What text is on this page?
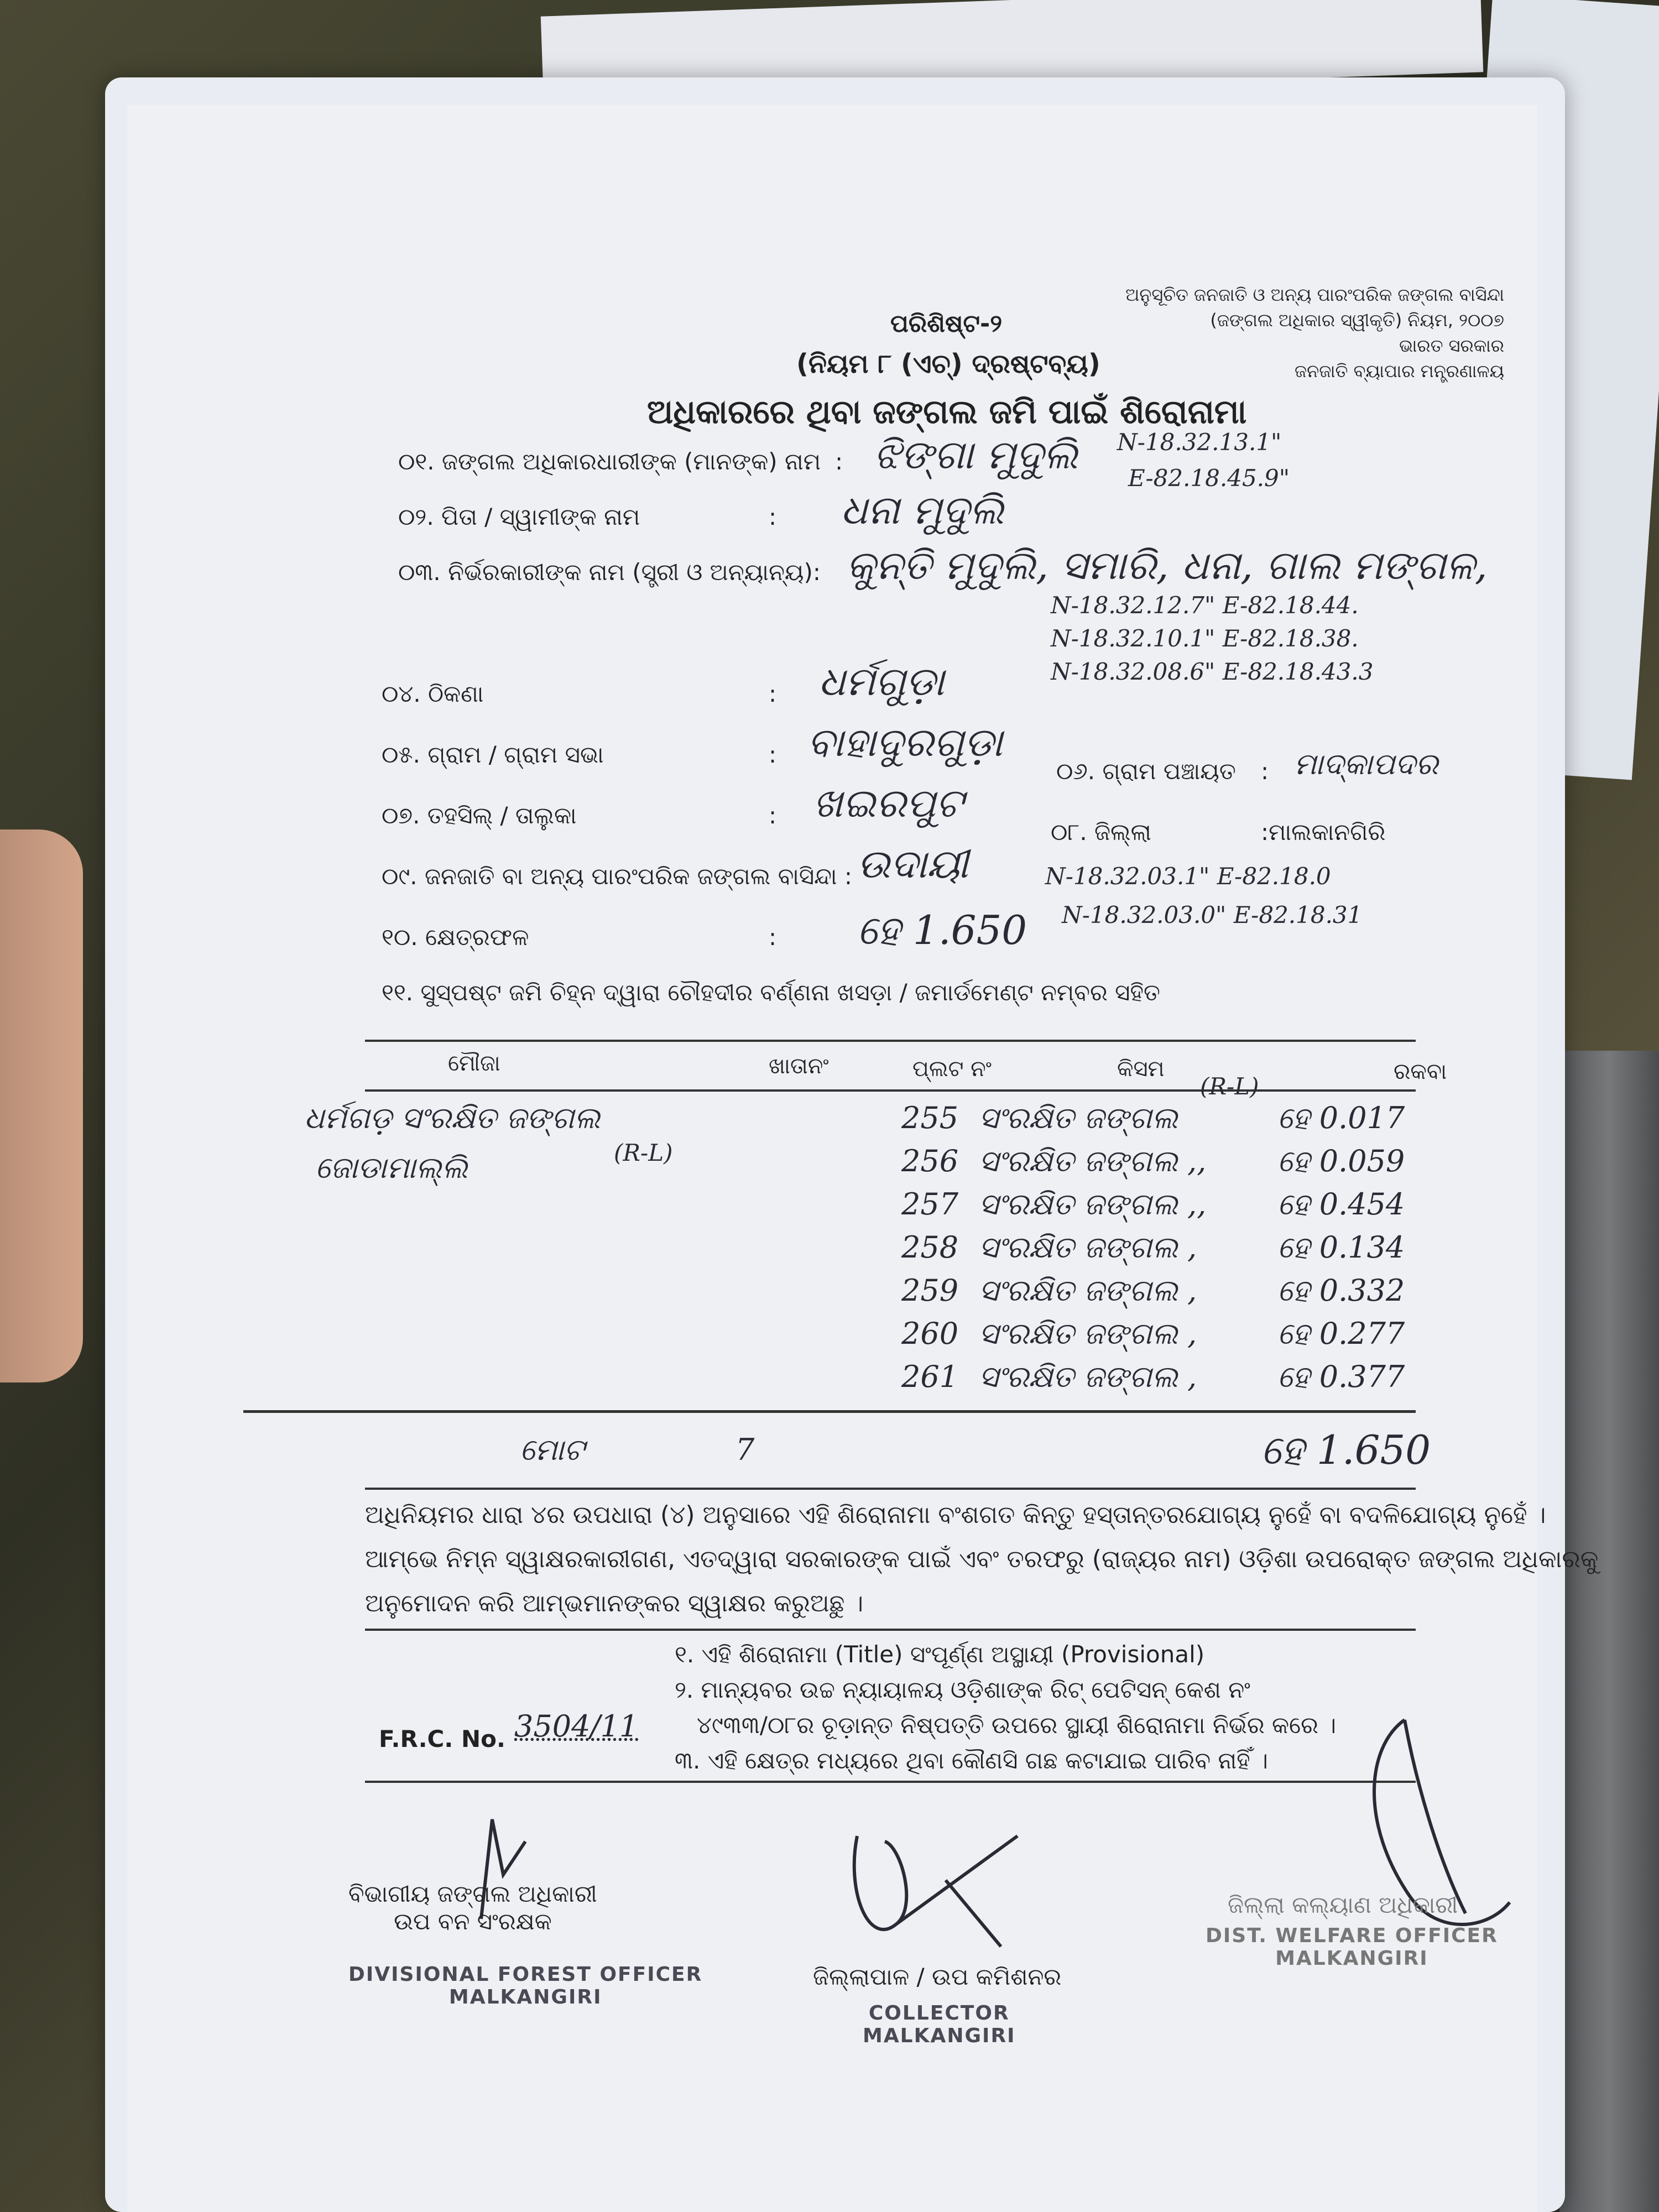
ଅନୁସୂଚିତ ଜନଜାତି ଓ ଅନ୍ୟ ପାରଂପରିକ ଜଙ୍ଗଲ ବାସିନ୍ଦା
(ଜଙ୍ଗଲ ଅଧିକାର ସ୍ୱୀକୃତି) ନିୟମ, ୨୦୦୭
ଭାରତ ସରକାର
ଜନଜାତି ବ୍ୟାପାର ମନ୍ତ୍ରଣାଳୟ
ପରିଶିଷ୍ଟ-୨
(ନିୟମ ୮ (ଏଚ୍) ଦ୍ରଷ୍ଟବ୍ୟ)
ଅଧିକାରରେ ଥିବା ଜଙ୍ଗଲ ଜମି ପାଇଁ ଶିରୋନାମା
୦୧. ଜଙ୍ଗଲ ଅଧିକାରଧାରୀଙ୍କ (ମାନଙ୍କ) ନାମ : ଝିଙ୍ଗା ମୁଦୁଲି N-18.32.13.1"
E-82.18.45.9"
୦୨. ପିତା / ସ୍ୱାମୀଙ୍କ ନାମ	: ଧନା ମୁଦୁଲି
୦୩. ନିର୍ଭରକାରୀଙ୍କ ନାମ (ସ୍ତ୍ରୀ ଓ ଅନ୍ୟାନ୍ୟ): କୁନ୍ତି ମୁଦୁଲି, ସମାରି, ଧନା, ଗାଲ ମଙ୍ଗଳ,
N-18.32.12.7" E-82.18.44.
N-18.32.10.1" E-82.18.38.
N-18.32.08.6" E-82.18.43.3
୦୪. ଠିକଣା	: ଧର୍ମଗୁଡ଼ା
୦୫. ଗ୍ରାମ / ଗ୍ରାମ ସଭା	: ବାହାଦୁରଗୁଡ଼ା
୦୬. ଗ୍ରାମ ପଞ୍ଚାୟତ : ମାଦ୍କାପଦର
୦୭. ତହସିଲ୍ / ତାଲୁକା	: ଖଇରପୁଟ
୦୮. ଜିଲ୍ଲା	:ମାଲକାନଗିରି
୦୯. ଜନଜାତି ବା ଅନ୍ୟ ପାରଂପରିକ ଜଙ୍ଗଲ ବାସିନ୍ଦା : ଉଦାୟୀ	N-18.32.03.1" E-82.18.0
N-18.32.03.0" E-82.18.31
୧୦. କ୍ଷେତ୍ରଫଳ	: ହେ 1.650
୧୧. ସୁସ୍ପଷ୍ଟ ଜମି ଚିହ୍ନ ଦ୍ୱାରା ଚୌହଦୀର ବର୍ଣ୍ଣନା ଖସଡ଼ା / ଜମାର୍ଡମେଣ୍ଟ ନମ୍ବର ସହିତ
ମୌଜା	ଖାତାନଂ	ପ୍ଲଟ ନଂ	କିସମ	ରକବା
ଧର୍ମଗଡ଼ ସଂରକ୍ଷିତ ଜଙ୍ଗଲ
(R-L)
ଜୋଡାମାଲ୍ଲି
(R-L)
255 ସଂରକ୍ଷିତ ଜଙ୍ଗଲ	ହେ 0.017
256 ସଂରକ୍ଷିତ ଜଙ୍ଗଲ ,, ହେ 0.059
257 ସଂରକ୍ଷିତ ଜଙ୍ଗଲ ,, ହେ 0.454
258 ସଂରକ୍ଷିତ ଜଙ୍ଗଲ ,	ହେ 0.134
259 ସଂରକ୍ଷିତ ଜଙ୍ଗଲ ,	ହେ 0.332
260 ସଂରକ୍ଷିତ ଜଙ୍ଗଲ ,	ହେ 0.277
261 ସଂରକ୍ଷିତ ଜଙ୍ଗଲ ,	ହେ 0.377
ମୋଟ	7	ହେ 1.650
ଅଧିନିୟମର ଧାରା ୪ର ଉପଧାରା (୪) ଅନୁସାରେ ଏହି ଶିରୋନାମା ବଂଶଗତ କିନ୍ତୁ ହସ୍ତାନ୍ତରଯୋଗ୍ୟ ନୁହେଁ ବା ବଦଳିଯୋଗ୍ୟ ନୁହେଁ ।
ଆମ୍ଭେ ନିମ୍ନ ସ୍ୱାକ୍ଷରକାରୀଗଣ, ଏତଦ୍ୱାରା ସରକାରଙ୍କ ପାଇଁ ଏବଂ ତରଫରୁ (ରାଜ୍ୟର ନାମ) ଓଡ଼ିଶା ଉପରୋକ୍ତ ଜଙ୍ଗଲ ଅଧିକାରକୁ
ଅନୁମୋଦନ କରି ଆମ୍ଭମାନଙ୍କର ସ୍ୱାକ୍ଷର କରୁଅଛୁ ।
୧. ଏହି ଶିରୋନାମା (Title) ସଂପୂର୍ଣ୍ଣ ଅସ୍ଥାୟୀ (Provisional)
୨. ମାନ୍ୟବର ଉଚ୍ଚ ନ୍ୟାୟାଳୟ ଓଡ଼ିଶାଙ୍କ ରିଟ୍ ପେଟିସନ୍ କେଶ ନଂ
୪୯୩୩/୦୮ର ଚୂଡ଼ାନ୍ତ ନିଷ୍ପତ୍ତି ଉପରେ ସ୍ଥାୟୀ ଶିରୋନାମା ନିର୍ଭର କରେ ।
୩. ଏହି କ୍ଷେତ୍ର ମଧ୍ୟରେ ଥିବା କୌଣସି ଗଛ କଟାଯାଇ ପାରିବ ନାହିଁ ।
F.R.C. No. 3504/11
ବିଭାଗୀୟ ଜଙ୍ଗଲ ଅଧିକାରୀ
ଉପ ବନ ସଂରକ୍ଷକ
DIVISIONAL FOREST OFFICER
MALKANGIRI
ଜିଲ୍ଲାପାଳ / ଉପ କମିଶନର
COLLECTOR
MALKANGIRI
ଜିଲ୍ଲା କଲ୍ୟାଣ ଅଧିକାରୀ
DIST. WELFARE OFFICER
MALKANGIRI
